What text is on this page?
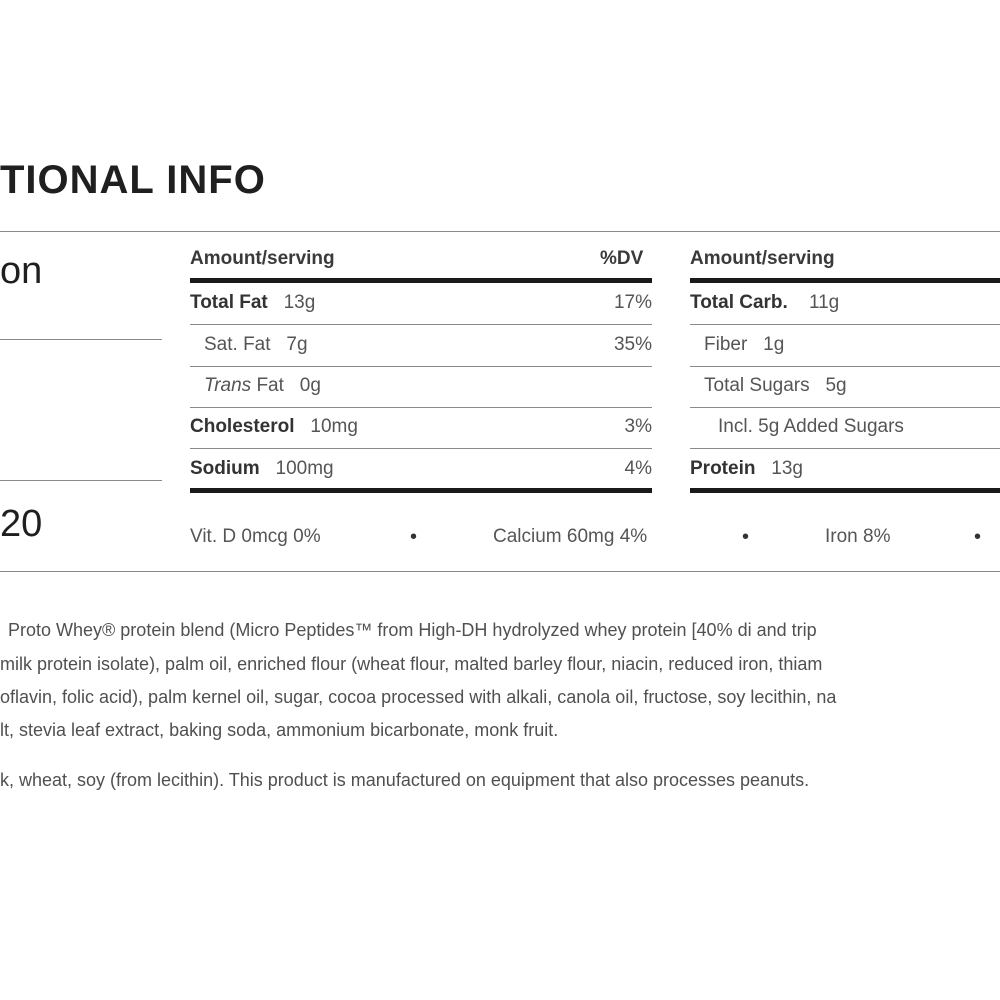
TIONAL INFO
on
20
Amount/serving	%DV
Total Fat 13g	17%
Sat. Fat 7g	35%
Trans Fat 0g
Cholesterol 10mg	3%
Sodium 100mg	4%
Amount/serving
Total Carb. 11g
Fiber 1g
Total Sugars 5g
Incl. 5g Added Sugars
Protein 13g
Vit. D 0mcg 0%	•	Calcium 60mg 4%	•	Iron 8%	•
Proto Whey® protein blend (Micro Peptides™ from High-DH hydrolyzed whey protein [40% di and trip
milk protein isolate), palm oil, enriched flour (wheat flour, malted barley flour, niacin, reduced iron, thiam
oflavin, folic acid), palm kernel oil, sugar, cocoa processed with alkali, canola oil, fructose, soy lecithin, na
lt, stevia leaf extract, baking soda, ammonium bicarbonate, monk fruit.
k, wheat, soy (from lecithin). This product is manufactured on equipment that also processes peanuts.
